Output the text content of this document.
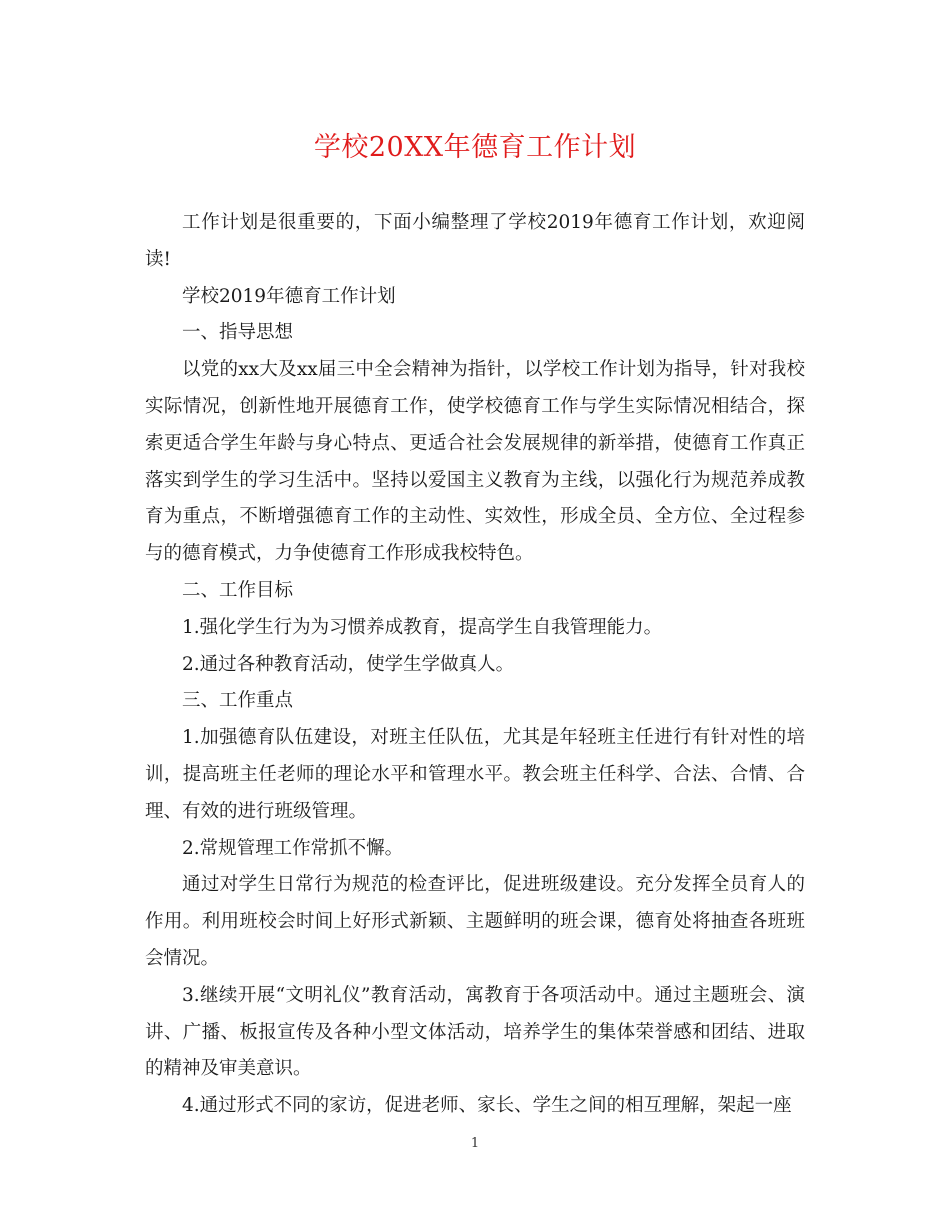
学校20XX年德育工作计划

工作计划是很重要的，下面小编整理了学校2019年德育工作计划，欢迎阅读!

学校2019年德育工作计划

一、指导思想

以党的xx大及xx届三中全会精神为指针，以学校工作计划为指导，针对我校实际情况，创新性地开展德育工作，使学校德育工作与学生实际情况相结合，探索更适合学生年龄与身心特点、更适合社会发展规律的新举措，使德育工作真正落实到学生的学习生活中。坚持以爱国主义教育为主线，以强化行为规范养成教育为重点，不断增强德育工作的主动性、实效性，形成全员、全方位、全过程参与的德育模式，力争使德育工作形成我校特色。

二、工作目标

1.强化学生行为为习惯养成教育，提高学生自我管理能力。

2.通过各种教育活动，使学生学做真人。

三、工作重点

1.加强德育队伍建设，对班主任队伍，尤其是年轻班主任进行有针对性的培训，提高班主任老师的理论水平和管理水平。教会班主任科学、合法、合情、合理、有效的进行班级管理。

2.常规管理工作常抓不懈。

通过对学生日常行为规范的检查评比，促进班级建设。充分发挥全员育人的作用。利用班校会时间上好形式新颖、主题鲜明的班会课，德育处将抽查各班班会情况。

3.继续开展“文明礼仪”教育活动，寓教育于各项活动中。通过主题班会、演讲、广播、板报宣传及各种小型文体活动，培养学生的集体荣誉感和团结、进取的精神及审美意识。

4.通过形式不同的家访，促进老师、家长、学生之间的相互理解，架起一座

1
